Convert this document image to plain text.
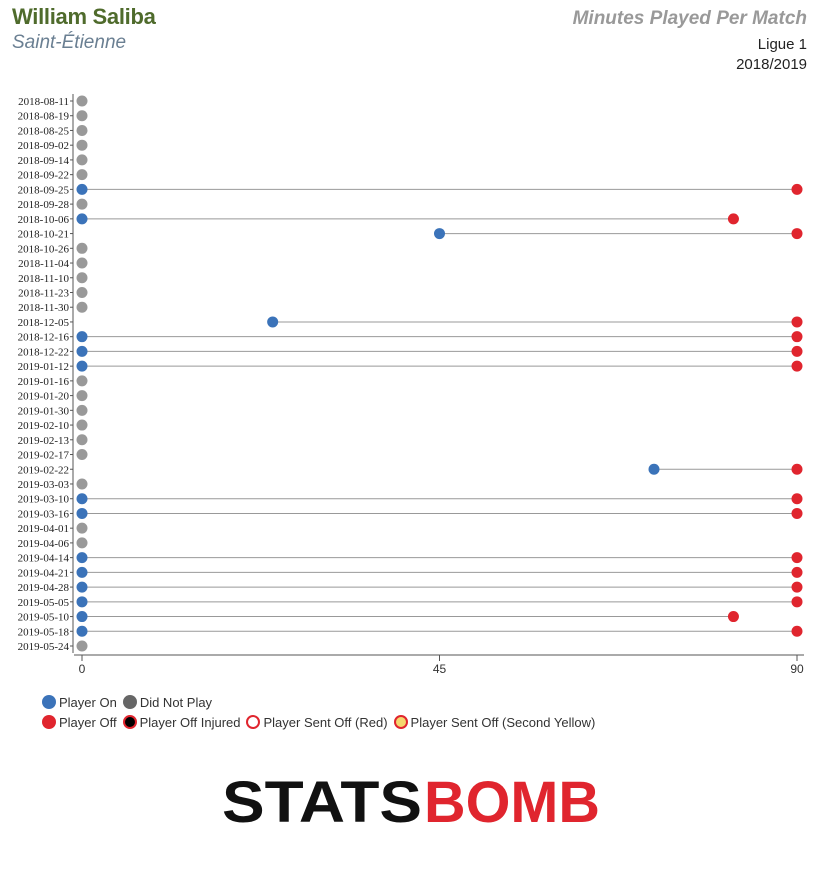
William Saliba
Saint-Étienne
Minutes Played Per Match
Ligue 1
2018/2019
0	45	90
2018-08-11
2018-08-19
2018-08-25
2018-09-02
2018-09-14
2018-09-22
2018-09-25
2018-09-28
2018-10-06
2018-10-21
2018-10-26
2018-11-04
2018-11-10
2018-11-23
2018-11-30
2018-12-05
2018-12-16
2018-12-22
2019-01-12
2019-01-16
2019-01-20
2019-01-30
2019-02-10
2019-02-13
2019-02-17
2019-02-22
2019-03-03
2019-03-10
2019-03-16
2019-04-01
2019-04-06
2019-04-14
2019-04-21
2019-04-28
2019-05-05
2019-05-10
2019-05-18
2019-05-24
Player On Did Not Play
Player Off Player Off Injured Player Sent Off (Red) Player Sent Off (Second Yellow)
STATS BOMB
